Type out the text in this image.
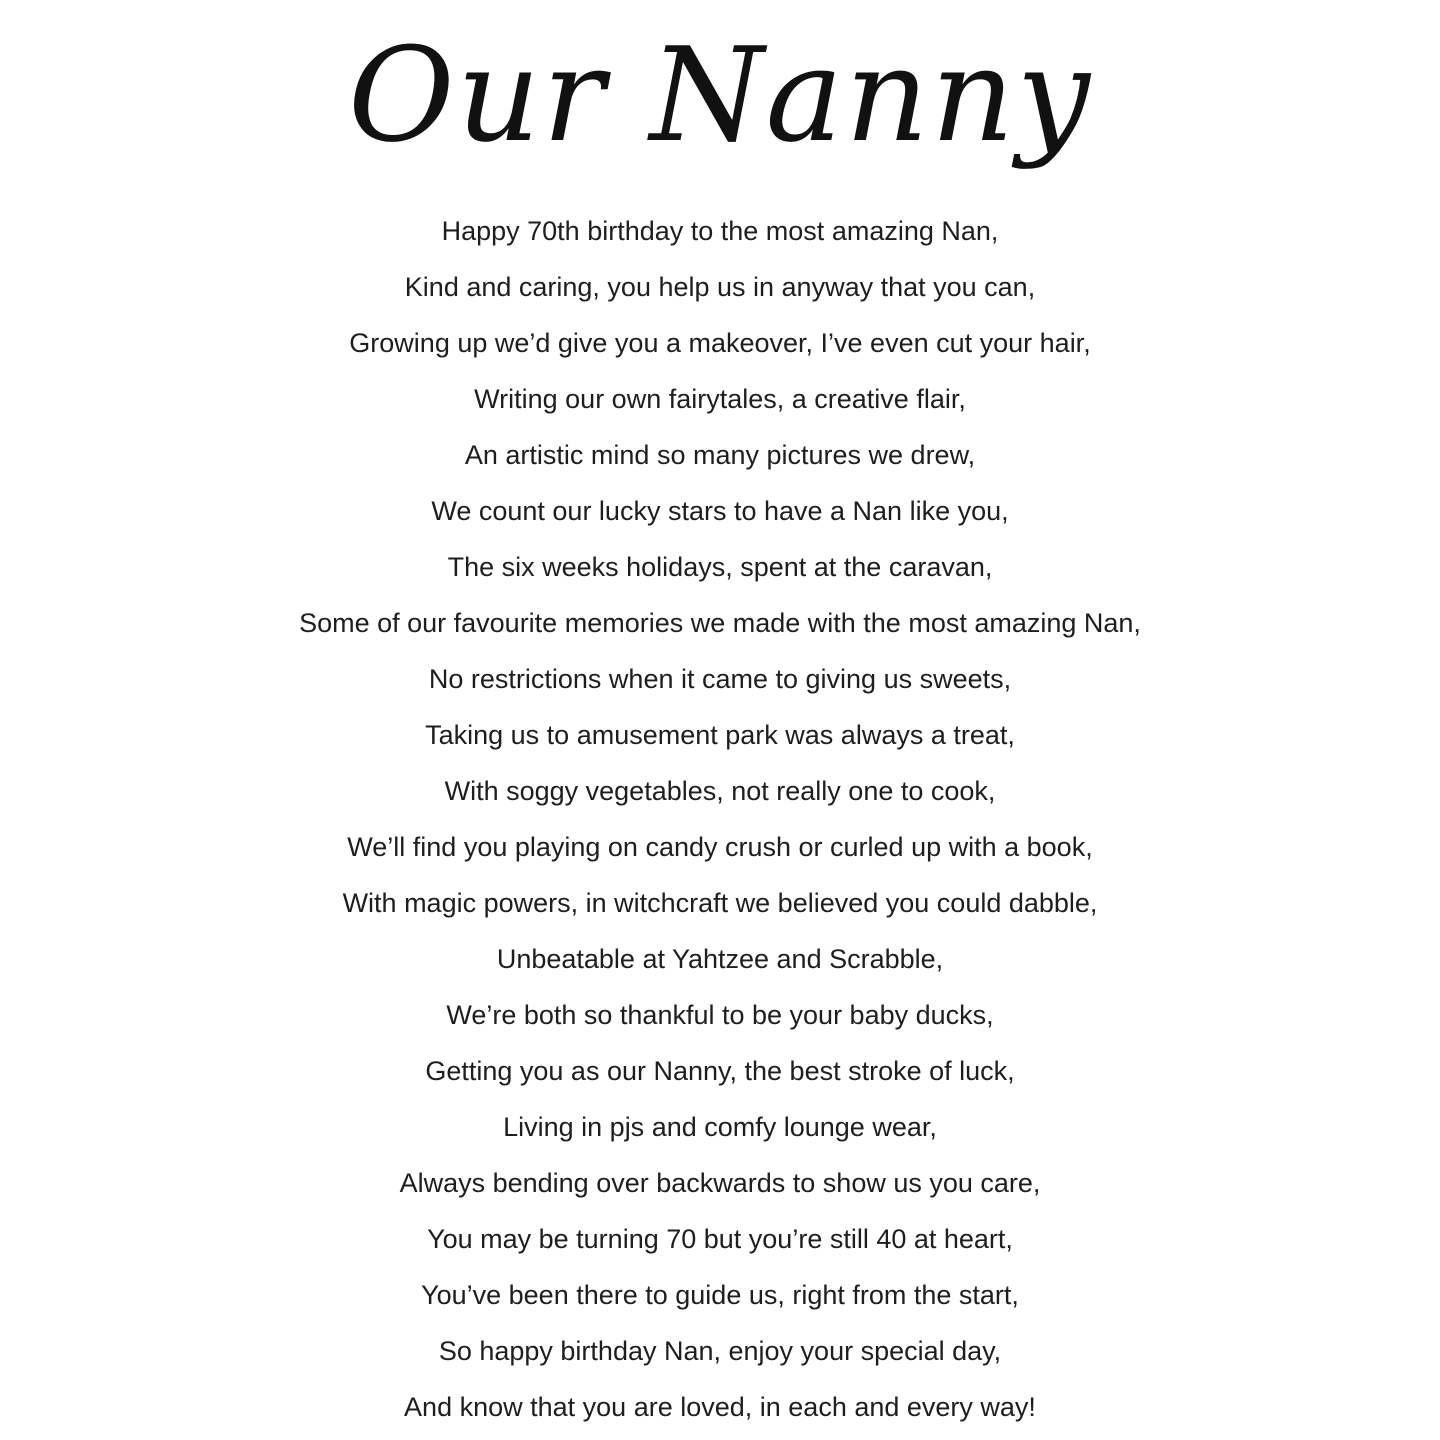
Our Nanny
Happy 70th birthday to the most amazing Nan,
Kind and caring, you help us in anyway that you can,
Growing up we’d give you a makeover, I’ve even cut your hair,
Writing our own fairytales, a creative flair,
An artistic mind so many pictures we drew,
We count our lucky stars to have a Nan like you,
The six weeks holidays, spent at the caravan,
Some of our favourite memories we made with the most amazing Nan,
No restrictions when it came to giving us sweets,
Taking us to amusement park was always a treat,
With soggy vegetables, not really one to cook,
We’ll find you playing on candy crush or curled up with a book,
With magic powers, in witchcraft we believed you could dabble,
Unbeatable at Yahtzee and Scrabble,
We’re both so thankful to be your baby ducks,
Getting you as our Nanny, the best stroke of luck,
Living in pjs and comfy lounge wear,
Always bending over backwards to show us you care,
You may be turning 70 but you’re still 40 at heart,
You’ve been there to guide us, right from the start,
So happy birthday Nan, enjoy your special day,
And know that you are loved, in each and every way!
